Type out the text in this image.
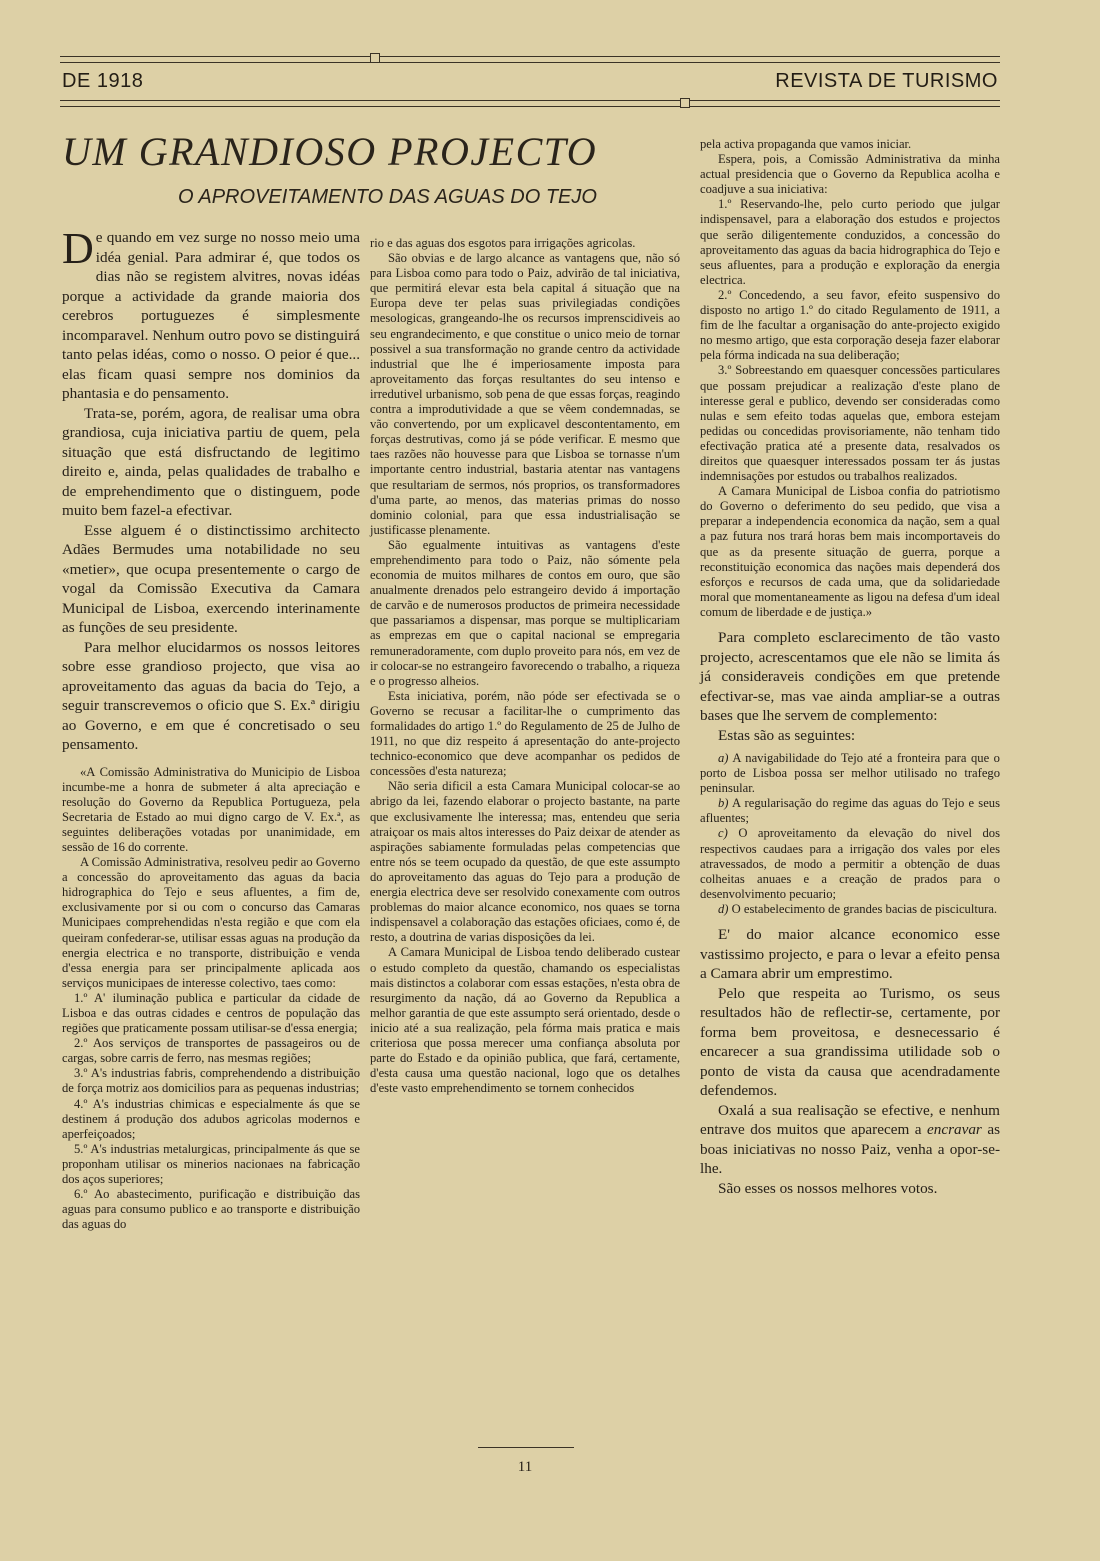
DE 1918	REVISTA DE TURISMO
UM GRANDIOSO PROJECTO
O APROVEITAMENTO DAS AGUAS DO TEJO

De quando em vez surge no nosso meio uma idéa genial. Para admirar é, que todos os dias não se registem alvitres, novas idéas porque a actividade da grande maioria dos cerebros portuguezes é simplesmente incomparavel. Nenhum outro povo se distinguirá tanto pelas idéas, como o nosso. O peior é que... elas ficam quasi sempre nos dominios da phantasia e do pensamento.

Trata-se, porém, agora, de realisar uma obra grandiosa, cuja iniciativa partiu de quem, pela situação que está disfructando de legitimo direito e, ainda, pelas qualidades de trabalho e de emprehendimento que o distinguem, pode muito bem fazel-a efectivar.

Esse alguem é o distinctissimo architecto Adães Bermudes uma notabilidade no seu «metier», que ocupa presentemente o cargo de vogal da Comissão Executiva da Camara Municipal de Lisboa, exercendo interinamente as funções de seu presidente.

Para melhor elucidarmos os nossos leitores sobre esse grandioso projecto, que visa ao aproveitamento das aguas da bacia do Tejo, a seguir transcrevemos o oficio que S. Ex.ª dirigiu ao Governo, e em que é concretisado o seu pensamento.

«A Comissão Administrativa do Municipio de Lisboa incumbe-me a honra de submeter á alta apreciação e resolução do Governo da Republica Portugueza, pela Secretaria de Estado ao mui digno cargo de V. Ex.ª, as seguintes deliberações votadas por unanimidade, em sessão de 16 do corrente.

A Comissão Administrativa, resolveu pedir ao Governo a concessão do aproveitamento das aguas da bacia hidrographica do Tejo e seus afluentes, a fim de, exclusivamente por si ou com o concurso das Camaras Municipaes comprehendidas n'esta região e que com ela queiram confederar-se, utilisar essas aguas na produção da energia electrica e no transporte, distribuição e venda d'essa energia para ser principalmente aplicada aos serviços municipaes de interesse colectivo, taes como:

1.º A' iluminação publica e particular da cidade de Lisboa e das outras cidades e centros de população das regiões que praticamente possam utilisar-se d'essa energia;

2.º Aos serviços de transportes de passageiros ou de cargas, sobre carris de ferro, nas mesmas regiões;

3.º A's industrias fabris, comprehendendo a distribuição de força motriz aos domicilios para as pequenas industrias;

4.º A's industrias chimicas e especialmente ás que se destinem á produção dos adubos agricolas modernos e aperfeiçoados;

5.º A's industrias metalurgicas, principalmente ás que se proponham utilisar os minerios nacionaes na fabricação dos aços superiores;

6.º Ao abastecimento, purificação e distribuição das aguas para consumo publico e ao transporte e distribuição das aguas do

rio e das aguas dos esgotos para irrigações agricolas.

São obvias e de largo alcance as vantagens que, não só para Lisboa como para todo o Paiz, advirão de tal iniciativa, que permitirá elevar esta bela capital á situação que na Europa deve ter pelas suas privilegiadas condições mesologicas, grangeando-lhe os recursos imprenscidiveis ao seu engrandecimento, e que constitue o unico meio de tornar possivel a sua transformação no grande centro da actividade industrial que lhe é imperiosamente imposta para aproveitamento das forças resultantes do seu intenso e irredutivel urbanismo, sob pena de que essas forças, reagindo contra a improdutividade a que se vêem condemnadas, se vão convertendo, por um explicavel descontentamento, em forças destrutivas, como já se póde verificar. E mesmo que taes razões não houvesse para que Lisboa se tornasse n'um importante centro industrial, bastaria atentar nas vantagens que resultariam de sermos, nós proprios, os transformadores d'uma parte, ao menos, das materias primas do nosso dominio colonial, para que essa industrialisação se justificasse plenamente.

São egualmente intuitivas as vantagens d'este emprehendimento para todo o Paiz, não sómente pela economia de muitos milhares de contos em ouro, que são anualmente drenados pelo estrangeiro devido á importação de carvão e de numerosos productos de primeira necessidade que passariamos a dispensar, mas porque se multiplicariam as emprezas em que o capital nacional se empregaria remuneradoramente, com duplo proveito para nós, em vez de ir colocar-se no estrangeiro favorecendo o trabalho, a riqueza e o progresso alheios.

Esta iniciativa, porém, não póde ser efectivada se o Governo se recusar a facilitar-lhe o cumprimento das formalidades do artigo 1.º do Regulamento de 25 de Julho de 1911, no que diz respeito á apresentação do ante-projecto technico-economico que deve acompanhar os pedidos de concessões d'esta natureza;

Não seria dificil a esta Camara Municipal colocar-se ao abrigo da lei, fazendo elaborar o projecto bastante, na parte que exclusivamente lhe interessa; mas, entendeu que seria atraiçoar os mais altos interesses do Paiz deixar de atender as aspirações sabiamente formuladas pelas competencias que entre nós se teem ocupado da questão, de que este assumpto do aproveitamento das aguas do Tejo para a produção de energia electrica deve ser resolvido conexamente com outros problemas do maior alcance economico, nos quaes se torna indispensavel a colaboração das estações oficiaes, como é, de resto, a doutrina de varias disposições da lei.

A Camara Municipal de Lisboa tendo deliberado custear o estudo completo da questão, chamando os especialistas mais distinctos a colaborar com essas estações, n'esta obra de resurgimento da nação, dá ao Governo da Republica a melhor garantia de que este assumpto será orientado, desde o inicio até a sua realização, pela fórma mais pratica e mais criteriosa que possa merecer uma confiança absoluta por parte do Estado e da opinião publica, que fará, certamente, d'esta causa uma questão nacional, logo que os detalhes d'este vasto emprehendimento se tornem conhecidos

pela activa propaganda que vamos iniciar.

Espera, pois, a Comissão Administrativa da minha actual presidencia que o Governo da Republica acolha e coadjuve a sua iniciativa:

1.º Reservando-lhe, pelo curto periodo que julgar indispensavel, para a elaboração dos estudos e projectos que serão diligentemente conduzidos, a concessão do aproveitamento das aguas da bacia hidrographica do Tejo e seus afluentes, para a produção e exploração da energia electrica.

2.º Concedendo, a seu favor, efeito suspensivo do disposto no artigo 1.º do citado Regulamento de 1911, a fim de lhe facultar a organisação do ante-projecto exigido no mesmo artigo, que esta corporação deseja fazer elaborar pela fórma indicada na sua deliberação;

3.º Sobreestando em quaesquer concessões particulares que possam prejudicar a realização d'este plano de interesse geral e publico, devendo ser consideradas como nulas e sem efeito todas aquelas que, embora estejam pedidas ou concedidas provisoriamente, não tenham tido efectivação pratica até a presente data, resalvados os direitos que quaesquer interessados possam ter ás justas indemnisações por estudos ou trabalhos realizados.

A Camara Municipal de Lisboa confia do patriotismo do Governo o deferimento do seu pedido, que visa a preparar a independencia economica da nação, sem a qual a paz futura nos trará horas bem mais incomportaveis do que as da presente situação de guerra, porque a reconstituição economica das nações mais dependerá dos esforços e recursos de cada uma, que da solidariedade moral que momentaneamente as ligou na defesa d'um ideal comum de liberdade e de justiça.»

Para completo esclarecimento de tão vasto projecto, acrescentamos que ele não se limita ás já consideraveis condições em que pretende efectivar-se, mas vae ainda ampliar-se a outras bases que lhe servem de complemento:

Estas são as seguintes:

a) A navigabilidade do Tejo até a fronteira para que o porto de Lisboa possa ser melhor utilisado no trafego peninsular.

b) A regularisação do regime das aguas do Tejo e seus afluentes;

c) O aproveitamento da elevação do nivel dos respectivos caudaes para a irrigação dos vales por eles atravessados, de modo a permitir a obtenção de duas colheitas anuaes e a creação de prados para o desenvolvimento pecuario;

d) O estabelecimento de grandes bacias de piscicultura.

E' do maior alcance economico esse vastissimo projecto, e para o levar a efeito pensa a Camara abrir um emprestimo.

Pelo que respeita ao Turismo, os seus resultados hão de reflectir-se, certamente, por forma bem proveitosa, e desnecessario é encarecer a sua grandissima utilidade sob o ponto de vista da causa que acendradamente defendemos.

Oxalá a sua realisação se efective, e nenhum entrave dos muitos que aparecem a encravar as boas iniciativas no nosso Paiz, venha a opor-se-lhe.

São esses os nossos melhores votos.

11
